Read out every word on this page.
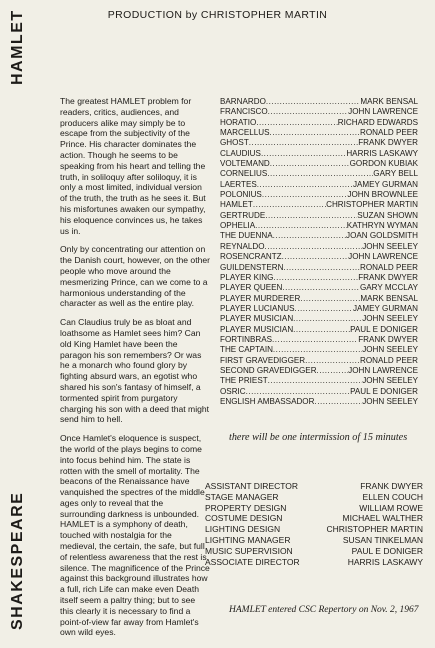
PRODUCTION by CHRISTOPHER MARTIN
HAMLET
SHAKESPEARE

The greatest HAMLET problem for readers, critics, audiences, and producers alike may simply be to escape from the subjectivity of the Prince. His character dominates the action. Though he seems to be speaking from his heart and telling the truth, in soliloquy after soliloquy, it is only a most limited, individual version of the truth, the truth as he sees it. But his misfortunes awaken our sympathy, his eloquence convinces us, he takes us in.

Only by concentrating our attention on the Danish court, however, on the other people who move around the mesmerizing Prince, can we come to a harmonious understanding of the character as well as the entire play.

Can Claudius truly be as bloat and loathsome as Hamlet sees him? Can old King Hamlet have been the paragon his son remembers? Or was he a monarch who found glory by fighting absurd wars, an egotist who shared his son's fantasy of himself, a tormented spirit from purgatory charging his son with a deed that might send him to hell.

Once Hamlet's eloquence is suspect, the world of the plays begins to come into focus behind him. The state is rotten with the smell of mortality. The beacons of the Renaissance have vanquished the spectres of the middle ages only to reveal that the surrounding darkness is unbounded. HAMLET is a symphony of death, touched with nostalgia for the medieval, the certain, the safe, but full of relentless awareness that the rest is silence. The magnificence of the Prince against this background illustrates how a full, rich Life can make even Death itself seem a paltry thing; but to see this clearly it is necessary to find a point-of-view far away from Hamlet's own wild eyes.

BARNARDO .....	MARK BENSAL
FRANCISCO .....	JOHN LAWRENCE
HORATIO .....	RICHARD EDWARDS
MARCELLUS .....	RONALD PEER
GHOST .....	FRANK DWYER
CLAUDIUS .....	HARRIS LASKAWY
VOLTEMAND .....	GORDON KUBIAK
CORNELIUS .....	GARY BELL
LAERTES .....	JAMEY GURMAN
POLONIUS .....	JOHN BROWNLEE
HAMLET .....	CHRISTOPHER MARTIN
GERTRUDE .....	SUZAN SHOWN
OPHELIA .....	KATHRYN WYMAN
THE DUENNA .....	JOAN GOLDSMITH
REYNALDO .....	JOHN SEELEY
ROSENCRANTZ .....	JOHN LAWRENCE
GUILDENSTERN .....	RONALD PEER
PLAYER KING .....	FRANK DWYER
PLAYER QUEEN .....	GARY MCCLAY
PLAYER MURDERER .....	MARK BENSAL
PLAYER LUCIANUS .....	JAMEY GURMAN
PLAYER MUSICIAN .....	JOHN SEELEY
PLAYER MUSICIAN .....	PAUL E DONIGER
FORTINBRAS .....	FRANK DWYER
THE CAPTAIN .....	JOHN SEELEY
FIRST GRAVEDIGGER .....	RONALD PEER
SECOND GRAVEDIGGER .....	JOHN LAWRENCE
THE PRIEST .....	JOHN SEELEY
OSRIC .....	PAUL E DONIGER
ENGLISH AMBASSADOR .....	JOHN SEELEY
there will be one intermission of 15 minutes
ASSISTANT DIRECTOR	FRANK DWYER
STAGE MANAGER	ELLEN COUCH
PROPERTY DESIGN	WILLIAM ROWE
COSTUME DESIGN	MICHAEL WALTHER
LIGHTING DESIGN	CHRISTOPHER MARTIN
LIGHTING MANAGER	SUSAN TINKELMAN
MUSIC SUPERVISION	PAUL E DONIGER
ASSOCIATE DIRECTOR	HARRIS LASKAWY
HAMLET entered CSC Repertory on Nov. 2, 1967
